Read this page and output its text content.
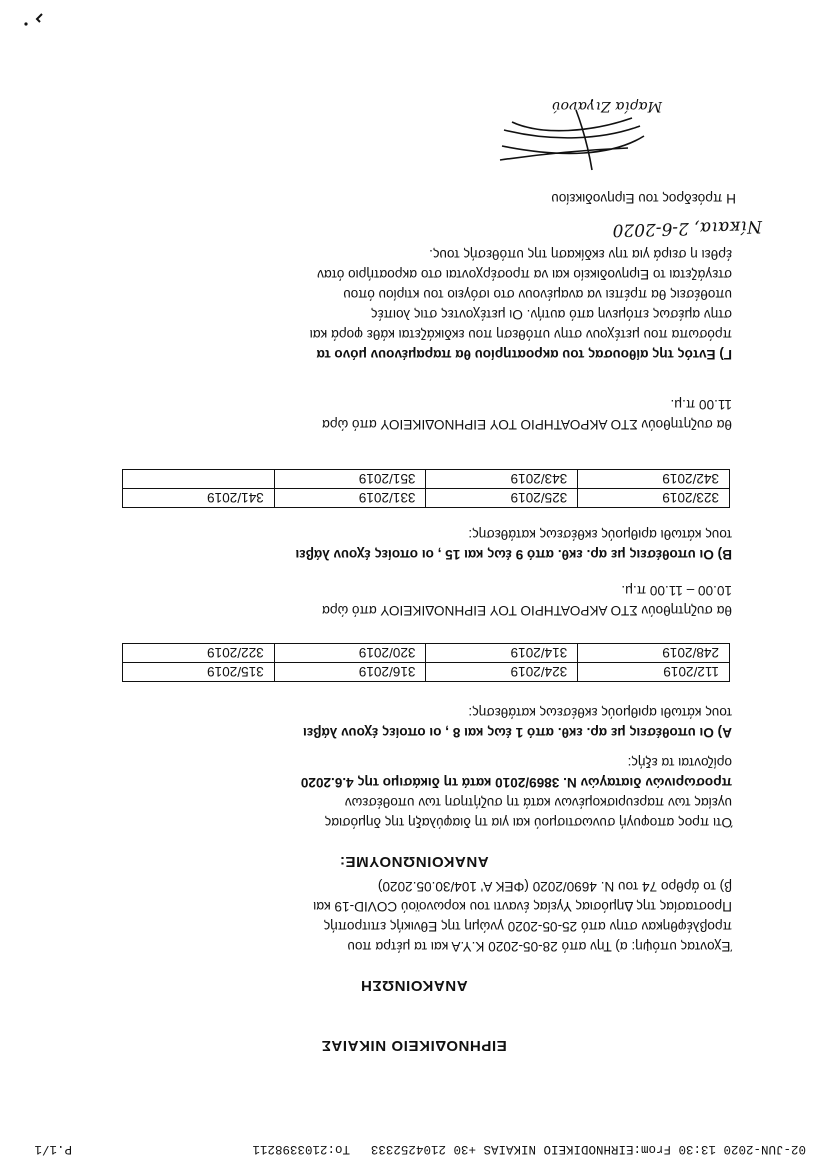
02-JUN-2020 13:30 From:EIRHNODIKEIO NIKAIAS +30 2104252333
To:2103398211
P.1/1
ΕΙΡΗΝΟΔΙΚΕΙΟ ΝΙΚΑΙΑΣ
ΑΝΑΚΟΙΝΩΣΗ

Έχοντας υπόψη: α) Την από 28-05-2020 Κ.Υ.Α και τα μέτρα που

προβλέφθηκαν στην από 25-05-2020 γνώμη της Εθνικής επιτροπής

Προστασίας της Δημόσιας Υγείας έναντι του κορωνοϊού COVID-19 και

β) το άρθρο 74 του Ν. 4690/2020 (ΦΕΚ Α' 104/30.05.2020)

ΑΝΑΚΟΙΝΩΝΟΥΜΕ:

Ότι προς αποφυγή συνωστισμού και για τη διαφύλαξη της δημόσιας

υγείας των παρευρισκομένων κατά τη συζήτηση των υποθέσεων

προσωρινών διαταγών Ν. 3869/2010 κατά τη δικάσιμο της 4.6.2020

ορίζονται τα εξής:

Α) Οι υποθέσεις με αρ. εκθ. από 1 έως και 8 , οι οποίες έχουν λάβει

τους κάτωθι αριθμούς εκθέσεως κατάθεσης:

112/2019	324/2019	316/2019	315/2019
248/2019	314/2019	320/2019	322/2019

θα συζητηθούν ΣΤΟ ΑΚΡΟΑΤΗΡΙΟ ΤΟΥ ΕΙΡΗΝΟΔΙΚΕΙΟΥ από ώρα

10.00 – 11.00 π.μ.

Β) Οι υποθέσεις με αρ. εκθ. από 9 έως και 15 , οι οποίες έχουν λάβει

τους κάτωθι αριθμούς εκθέσεως κατάθεσης:

323/2019	325/2019	331/2019	341/2019
342/2019	343/2019	351/2019	

θα συζητηθούν ΣΤΟ ΑΚΡΟΑΤΗΡΙΟ ΤΟΥ ΕΙΡΗΝΟΔΙΚΕΙΟΥ από ώρα

11.00 π.μ.

Γ) Εντός της αίθουσας του ακροατηρίου θα παραμένουν μόνο τα

πρόσωπα που μετέχουν στην υπόθεση που εκδικάζεται κάθε φορά και

στην αμέσως επόμενη από αυτήν. Οι μετέχοντες στις λοιπές

υποθέσεις θα πρέπει να αναμένουν στο ισόγειο του κτιρίου όπου

στεγάζεται το Ειρηνοδικείο και να προσέρχονται στο ακροατήριο όταν

έρθει η σειρά για την εκδίκαση της υπόθεσής τους.

Νίκαια, 2-6-2020
Η πρόεδρος του Ειρηνοδικείου
Μαρία Ζιγανού
